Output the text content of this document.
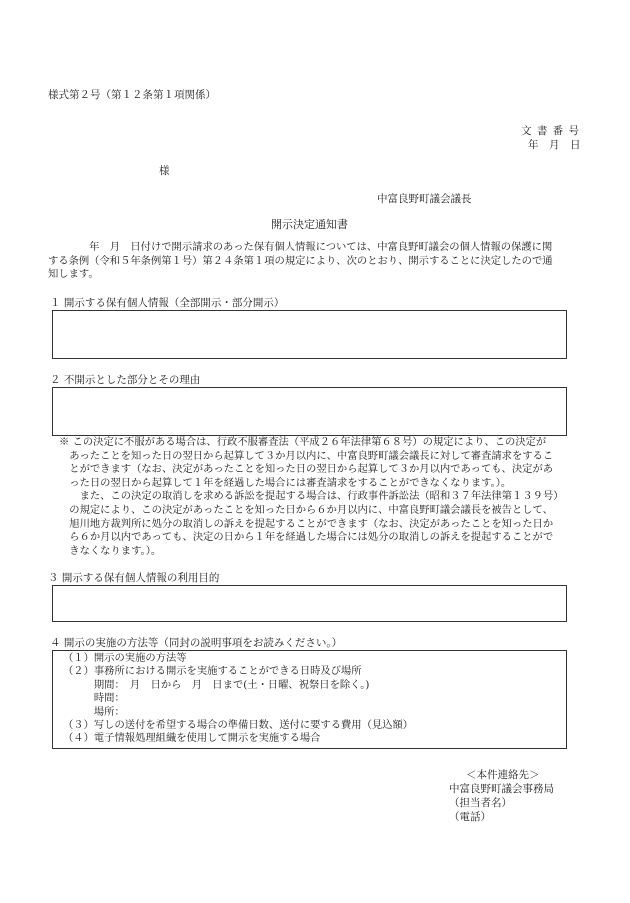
様式第２号（第１２条第１項関係）
文 書 番 号
年　月　日
様
中富良野町議会議長
開示決定通知書
　　　　年　月　日付けで開示請求のあった保有個人情報については、中富良野町議会の個人情報の保護に関
する条例（令和５年条例第１号）第２４条第１項の規定により、次のとおり、開示することに決定したので通
知します。
１ 開示する保有個人情報（全部開示・部分開示）
２ 不開示とした部分とその理由
※ この決定に不服がある場合は、行政不服審査法（平成２６年法律第６８号）の規定により、この決定が
　あったことを知った日の翌日から起算して３か月以内に、中富良野町議会議長に対して審査請求をするこ
　とができます（なお、決定があったことを知った日の翌日から起算して３か月以内であっても、決定があ
　った日の翌日から起算して１年を経過した場合には審査請求をすることができなくなります。）。
　　また、この決定の取消しを求める訴訟を提起する場合は、行政事件訴訟法（昭和３７年法律第１３９号）
　の規定により、この決定があったことを知った日から６か月以内に、中富良野町議会議長を被告として、
　旭川地方裁判所に処分の取消しの訴えを提起することができます（なお、決定があったことを知った日か
　ら６か月以内であっても、決定の日から１年を経過した場合には処分の取消しの訴えを提起することがで
　きなくなります。）。
３ 開示する保有個人情報の利用目的
４ 開示の実施の方法等（同封の説明事項をお読みください。）
（１）開示の実施の方法等
（２）事務所における開示を実施することができる日時及び場所
　　　期間：　月　日から　月　日まで(土・日曜、祝祭日を除く。)
　　　時間：
　　　場所：
（３）写しの送付を希望する場合の準備日数、送付に要する費用（見込額）
（４）電子情報処理組織を使用して開示を実施する場合
＜本件連絡先＞
中富良野町議会事務局
（担当者名）
（電話）
